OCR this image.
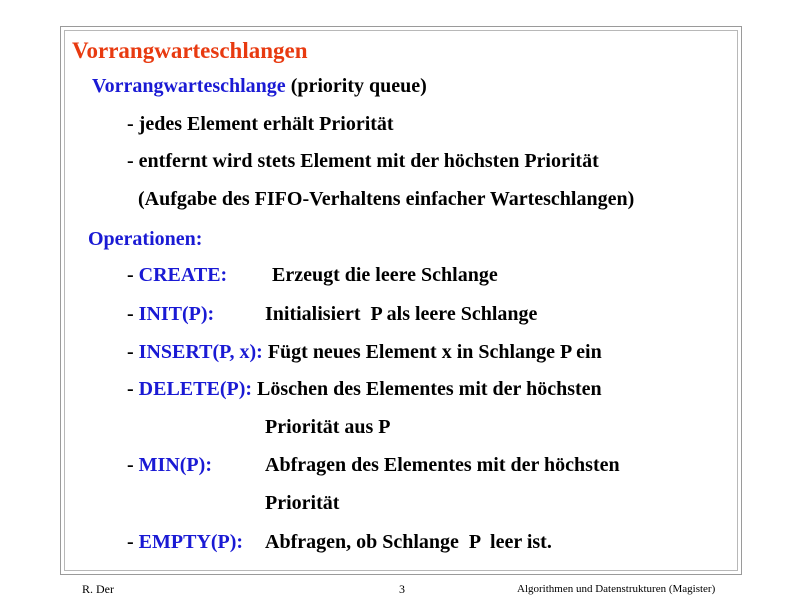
Vorrangwarteschlangen
Vorrangwarteschlange (priority queue)
- jedes Element erhält Priorität
- entfernt wird stets Element mit der höchsten Priorität
(Aufgabe des FIFO-Verhaltens einfacher Warteschlangen)
Operationen:
- CREATE: Erzeugt die leere Schlange
- INIT(P):	Initialisiert  P als leere Schlange
- INSERT(P, x): Fügt neues Element x in Schlange P ein
- DELETE(P): Löschen des Elementes mit der höchsten
Priorität aus P
- MIN(P):	Abfragen des Elementes mit der höchsten
Priorität
- EMPTY(P): Abfragen, ob Schlange  P  leer ist.
R. Der	3	Algorithmen und Datenstrukturen (Magister)
